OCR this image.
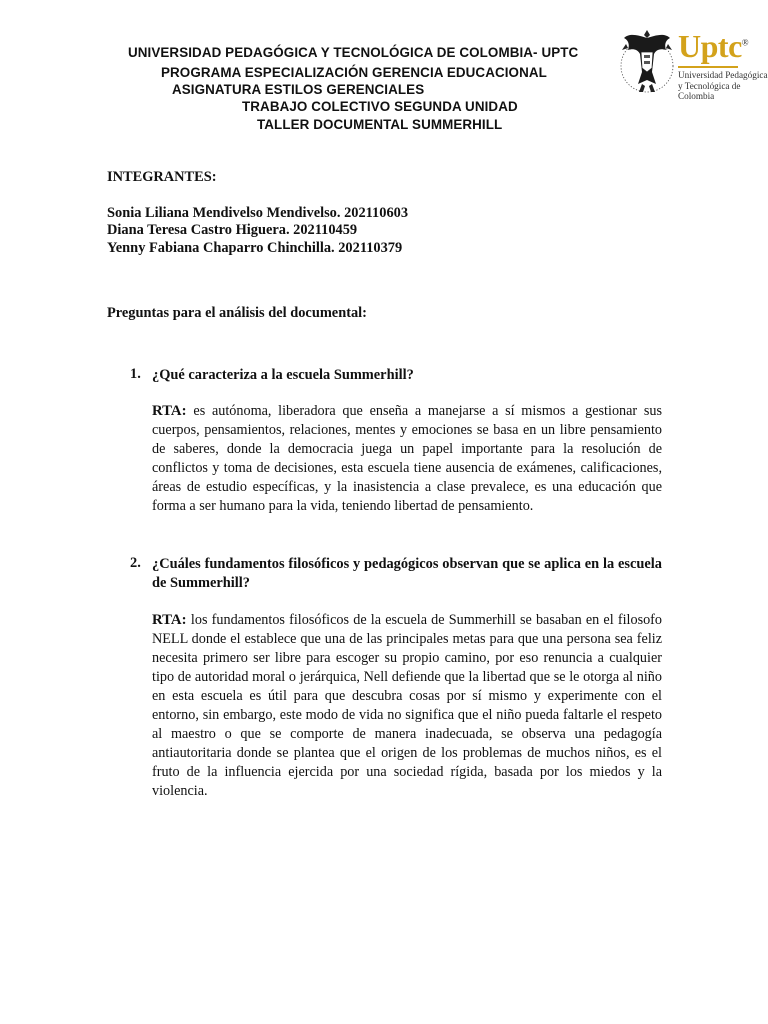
UNIVERSIDAD PEDAGÓGICA Y TECNOLÓGICA DE COLOMBIA- UPTC
PROGRAMA ESPECIALIZACIÓN GERENCIA EDUCACIONAL
ASIGNATURA ESTILOS GERENCIALES
TRABAJO COLECTIVO SEGUNDA UNIDAD
TALLER DOCUMENTAL SUMMERHILL
Uptc®
Universidad Pedagógica y Tecnológica de Colombia
INTEGRANTES:
Sonia Liliana Mendivelso Mendivelso. 202110603
Diana Teresa Castro Higuera. 202110459
Yenny Fabiana Chaparro Chinchilla. 202110379
Preguntas para el análisis del documental:
1. ¿Qué caracteriza a la escuela Summerhill?
RTA: es autónoma, liberadora que enseña a manejarse a sí mismos a gestionar sus cuerpos, pensamientos, relaciones, mentes y emociones se basa en un libre pensamiento de saberes, donde la democracia juega un papel importante para la resolución de conflictos y toma de decisiones, esta escuela tiene ausencia de exámenes, calificaciones, áreas de estudio específicas, y la inasistencia a clase prevalece, es una educación que forma a ser humano para la vida, teniendo libertad de pensamiento.
2. ¿Cuáles fundamentos filosóficos y pedagógicos observan que se aplica en la escuela de Summerhill?
RTA: los fundamentos filosóficos de la escuela de Summerhill se basaban en el filosofo NELL donde el establece que una de las principales metas para que una persona sea feliz necesita primero ser libre para escoger su propio camino, por eso renuncia a cualquier tipo de autoridad moral o jerárquica, Nell defiende que la libertad que se le otorga al niño en esta escuela es útil para que descubra cosas por sí mismo y experimente con el entorno, sin embargo, este modo de vida no significa que el niño pueda faltarle el respeto al maestro o que se comporte de manera inadecuada, se observa una pedagogía antiautoritaria donde se plantea que el origen de los problemas de muchos niños, es el fruto de la influencia ejercida por una sociedad rígida, basada por los miedos y la violencia.
